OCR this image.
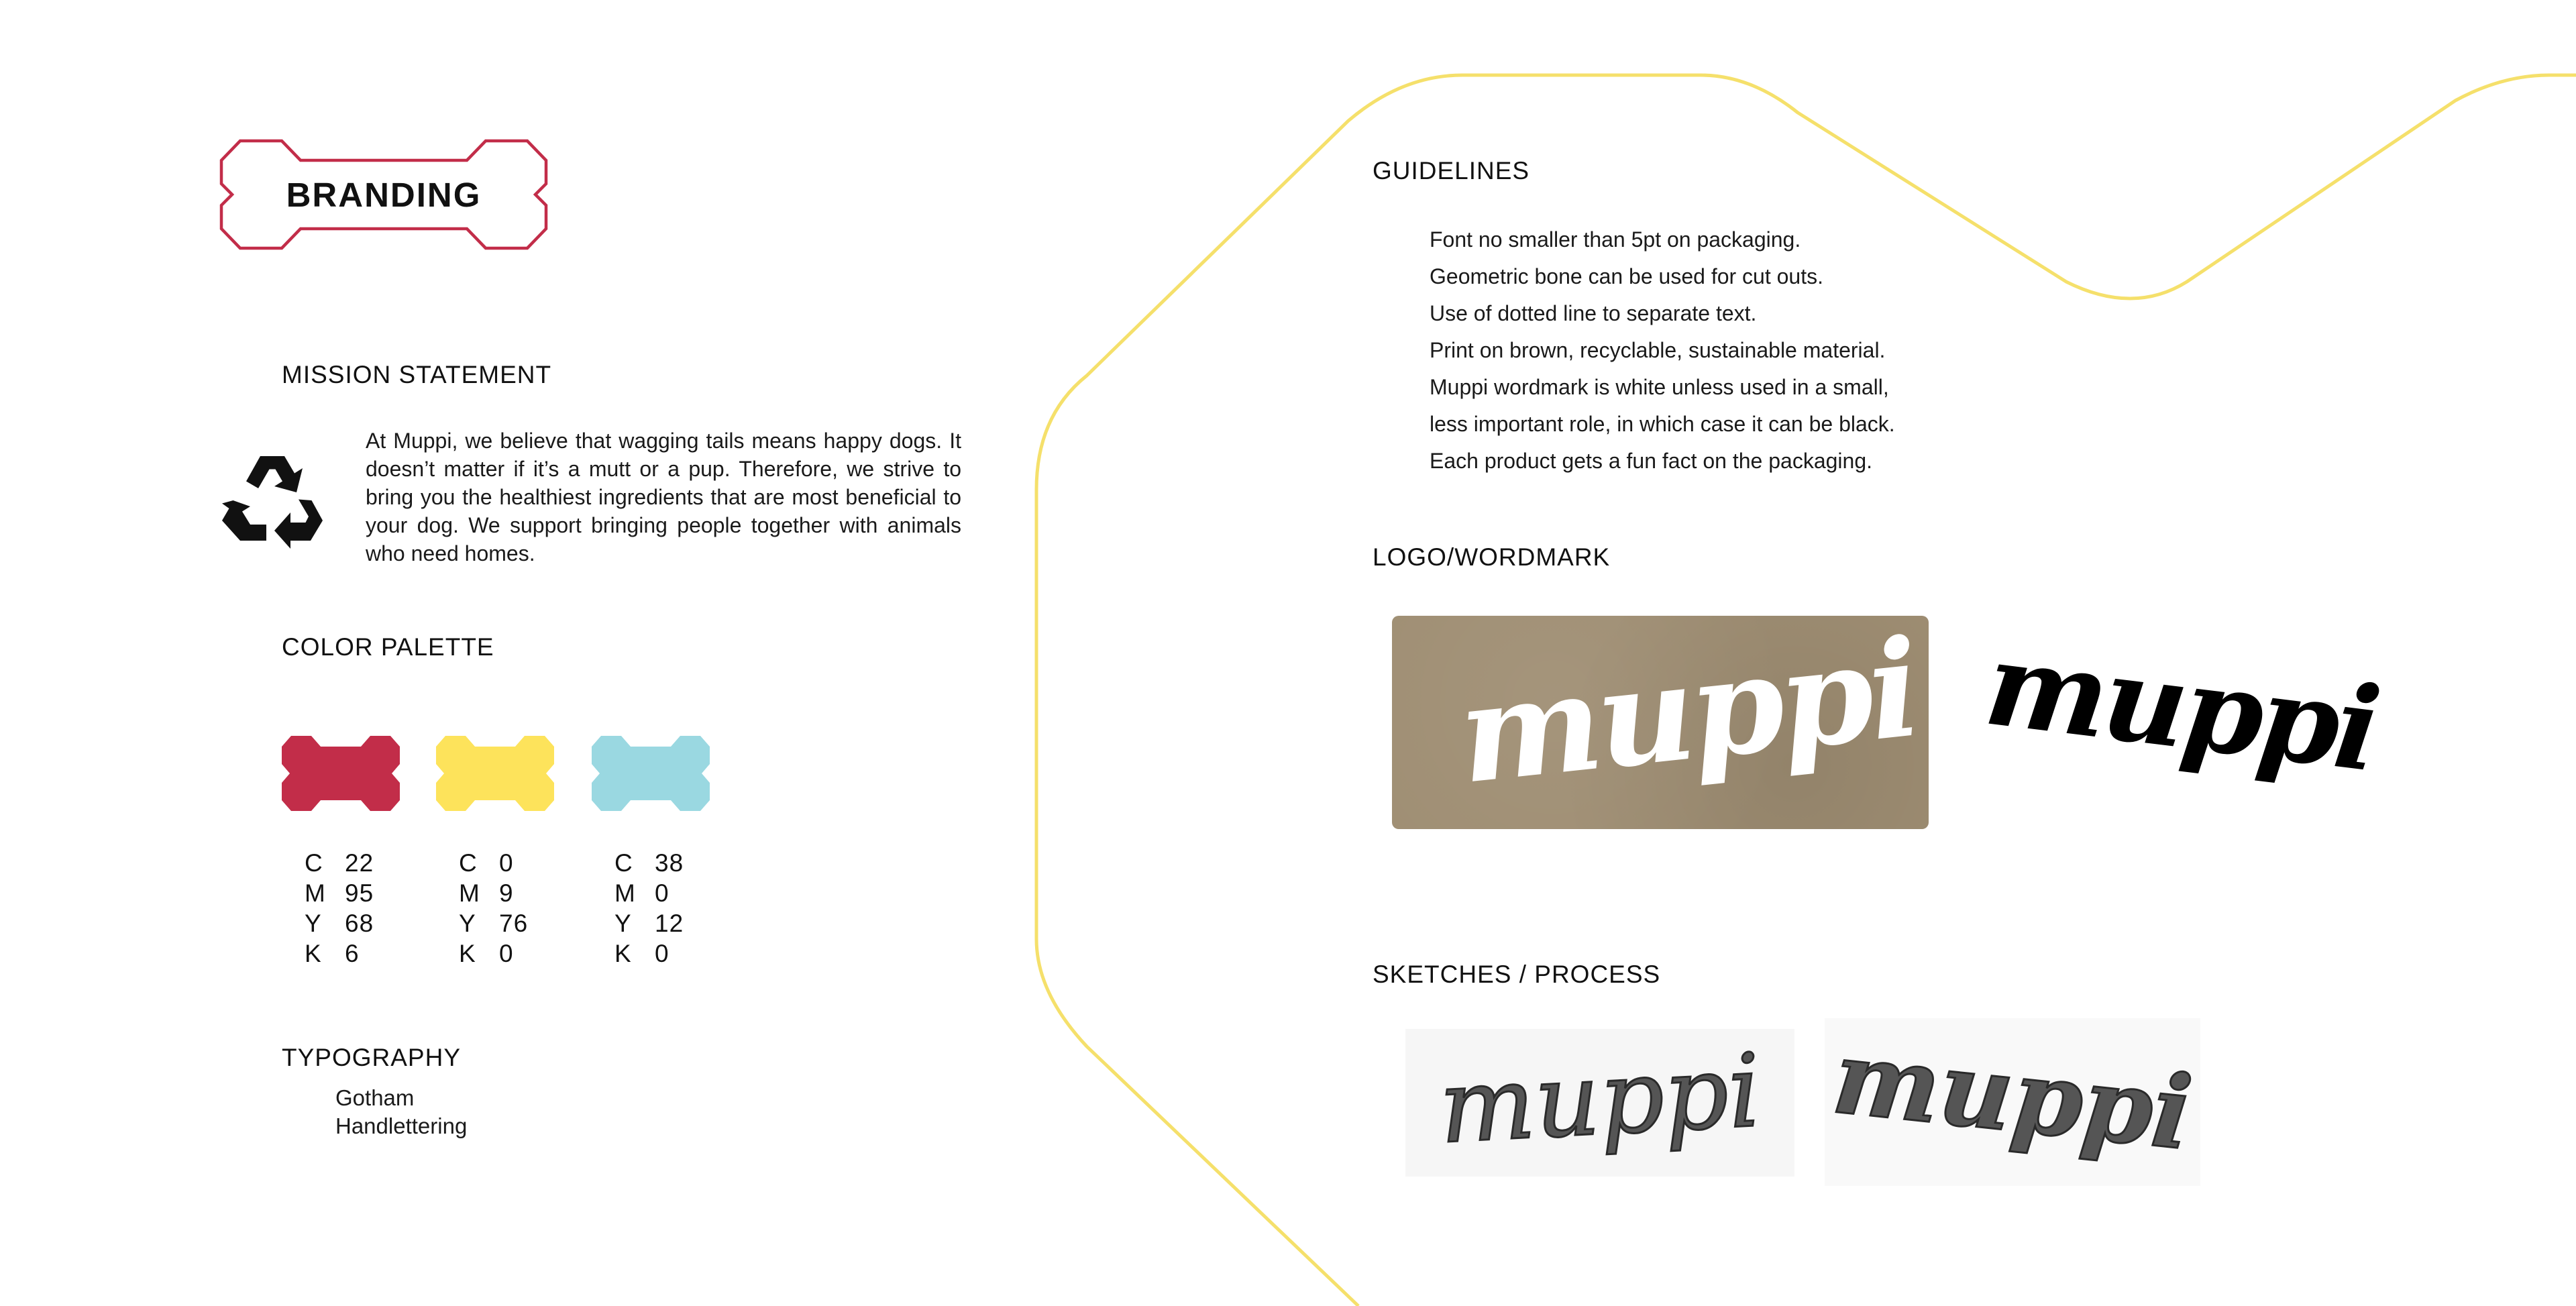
BRANDING
MISSION STATEMENT
At Muppi, we believe that wagging tails means happy dogs. It doesn’t matter if it’s a mutt or a pup. Therefore, we strive to bring you the healthiest ingredients that are most beneficial to your dog. We support bringing people together with animals who need homes.
COLOR PALETTE
C 22
M 95
Y 68
K 6
C 0
M 9
Y 76
K 0
C 38
M 0
Y 12
K 0
TYPOGRAPHY
Gotham
Handlettering
GUIDELINES
Font no smaller than 5pt on packaging.
Geometric bone can be used for cut outs.
Use of dotted line to separate text.
Print on brown, recyclable, sustainable material.
Muppi wordmark is white unless used in a small,
less important role, in which case it can be black.
Each product gets a fun fact on the packaging.
LOGO/WORDMARK
muppi muppi
SKETCHES / PROCESS
muppi muppi
